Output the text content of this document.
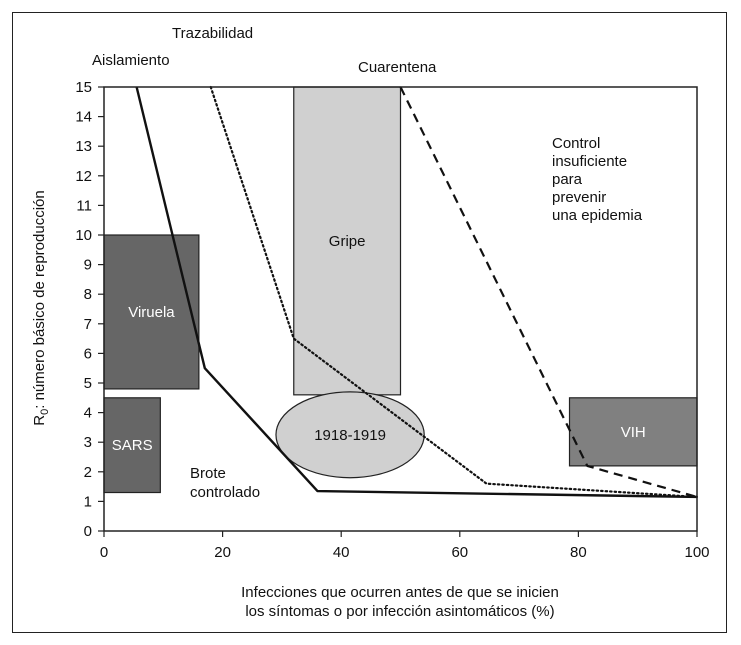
Viruela
SARS
Gripe
VIH
1918-1919
0	20	40	60	80	100
0
1
2
3
4
5
6
7
8
9
10
11
12
13
14
15
Trazabilidad
Aislamiento	Cuarentena
Control
insuficiente
para
prevenir
una epidemia
Brote
controlado
Infecciones que ocurren antes de que se inicien
los síntomas o por infección asintomáticos (%)
$R_0$: número básico de reproducción
